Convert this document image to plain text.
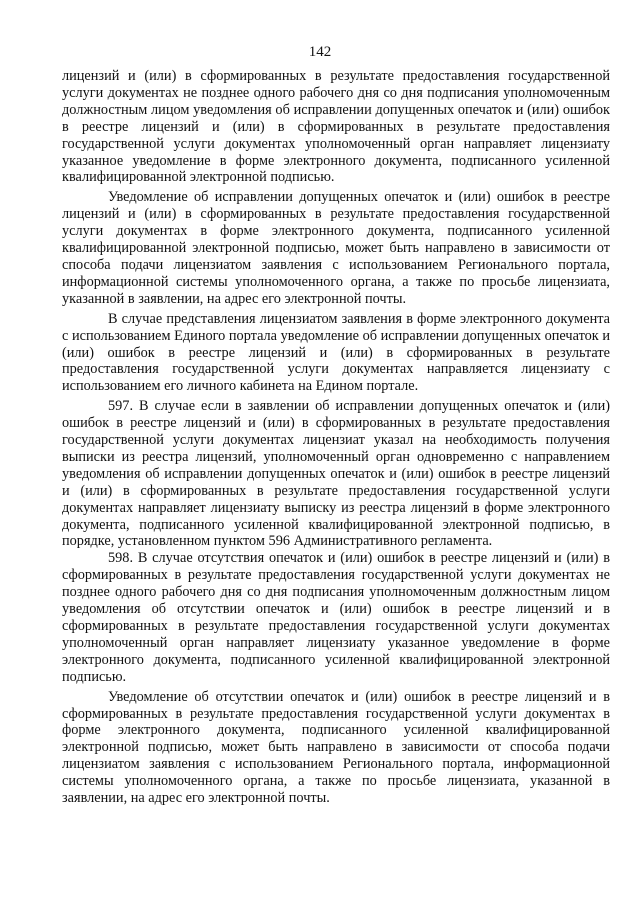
142

лицензий и (или) в сформированных в результате предоставления государственной услуги документах не позднее одного рабочего дня со дня подписания уполномоченным должностным лицом уведомления об исправлении допущенных опечаток и (или) ошибок в реестре лицензий и (или) в сформированных в результате предоставления государственной услуги документах уполномоченный орган направляет лицензиату указанное уведомление в форме электронного документа, подписанного усиленной квалифицированной электронной подписью.

Уведомление об исправлении допущенных опечаток и (или) ошибок в реестре лицензий и (или) в сформированных в результате предоставления государственной услуги документах в форме электронного документа, подписанного усиленной квалифицированной электронной подписью, может быть направлено в зависимости от способа подачи лицензиатом заявления с использованием Регионального портала, информационной системы уполномоченного органа, а также по просьбе лицензиата, указанной в заявлении, на адрес его электронной почты.

В случае представления лицензиатом заявления в форме электронного документа с использованием Единого портала уведомление об исправлении допущенных опечаток и (или) ошибок в реестре лицензий и (или) в сформированных в результате предоставления государственной услуги документах направляется лицензиату с использованием его личного кабинета на Едином портале.

597. В случае если в заявлении об исправлении допущенных опечаток и (или) ошибок в реестре лицензий и (или) в сформированных в результате предоставления государственной услуги документах лицензиат указал на необходимость получения выписки из реестра лицензий, уполномоченный орган одновременно с направлением уведомления об исправлении допущенных опечаток и (или) ошибок в реестре лицензий и (или) в сформированных в результате предоставления государственной услуги документах направляет лицензиату выписку из реестра лицензий в форме электронного документа, подписанного усиленной квалифицированной электронной подписью, в порядке, установленном пунктом 596 Административного регламента.

598. В случае отсутствия опечаток и (или) ошибок в реестре лицензий и (или) в сформированных в результате предоставления государственной услуги документах не позднее одного рабочего дня со дня подписания уполномоченным должностным лицом уведомления об отсутствии опечаток и (или) ошибок в реестре лицензий и в сформированных в результате предоставления государственной услуги документах уполномоченный орган направляет лицензиату указанное уведомление в форме электронного документа, подписанного усиленной квалифицированной электронной подписью.

Уведомление об отсутствии опечаток и (или) ошибок в реестре лицензий и в сформированных в результате предоставления государственной услуги документах в форме электронного документа, подписанного усиленной квалифицированной электронной подписью, может быть направлено в зависимости от способа подачи лицензиатом заявления с использованием Регионального портала, информационной системы уполномоченного органа, а также по просьбе лицензиата, указанной в заявлении, на адрес его электронной почты.
